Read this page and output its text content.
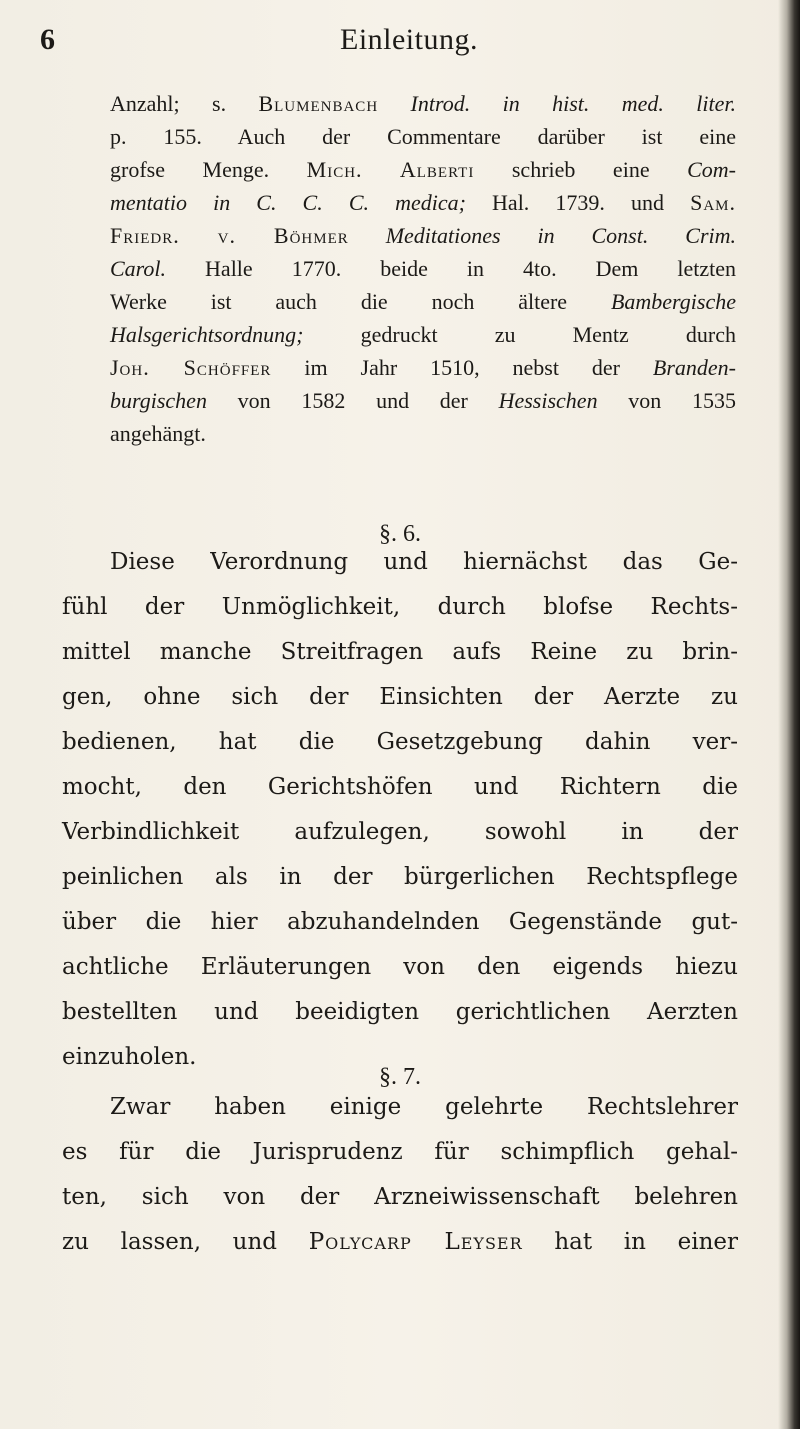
6	Einleitung.
Anzahl; s. Blumenbach Introd. in hist. med. liter.
p. 155. Auch der Commentare darüber ist eine
grofse Menge. Mich. Alberti schrieb eine Com-
mentatio in C. C. C. medica; Hal. 1739. und Sam.
Friedr. v. Böhmer Meditationes in Const. Crim.
Carol. Halle 1770. beide in 4to. Dem letzten
Werke ist auch die noch ältere Bambergische
Halsgerichtsordnung; gedruckt zu Mentz durch
Joh. Schöffer im Jahr 1510, nebst der Branden-
burgischen von 1582 und der Hessischen von 1535
angehängt.
§. 6.
Diese Verordnung und hiernächst das Ge-
fühl der Unmöglichkeit, durch blofse Rechts-
mittel manche Streitfragen aufs Reine zu brin-
gen, ohne sich der Einsichten der Aerzte zu
bedienen, hat die Gesetzgebung dahin ver-
mocht, den Gerichtshöfen und Richtern die
Verbindlichkeit aufzulegen, sowohl in der
peinlichen als in der bürgerlichen Rechtspflege
über die hier abzuhandelnden Gegenstände gut-
achtliche Erläuterungen von den eigends hiezu
bestellten und beeidigten gerichtlichen Aerzten
einzuholen.
§. 7.
Zwar haben einige gelehrte Rechtslehrer
es für die Jurisprudenz für schimpflich gehal-
ten, sich von der Arzneiwissenschaft belehren
zu lassen, und Polycarp Leyser hat in einer
